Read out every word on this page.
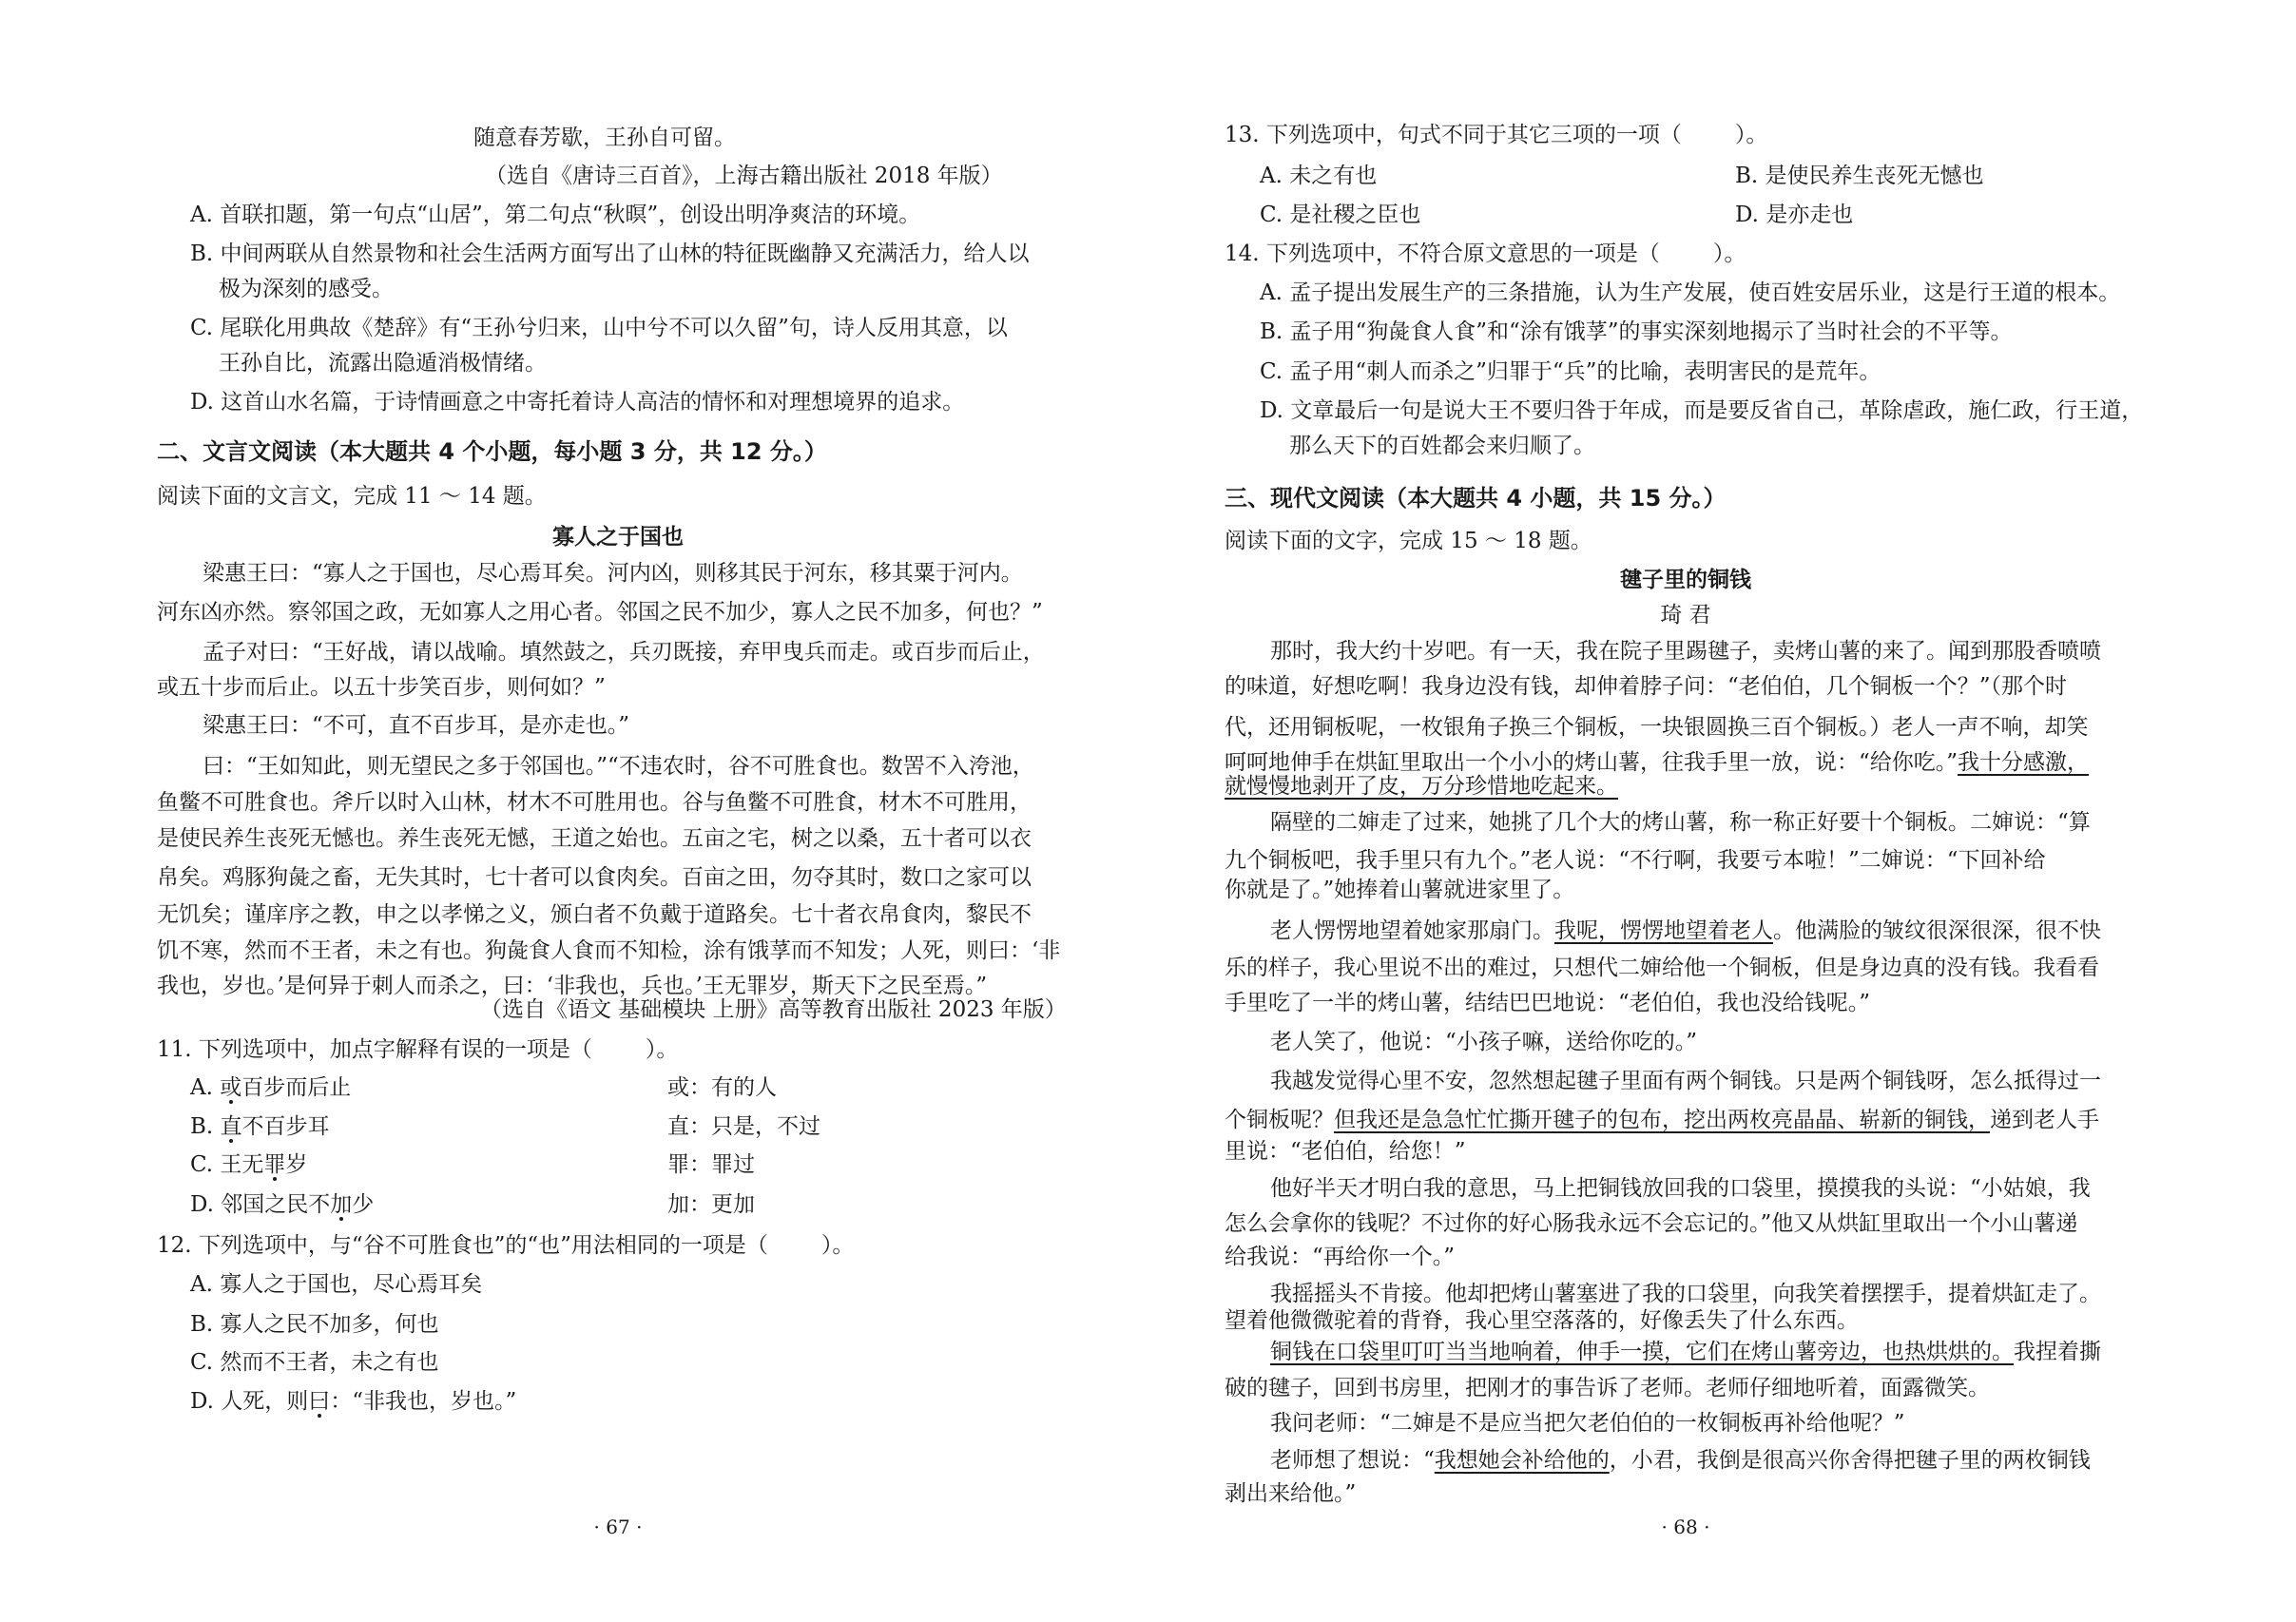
随意春芳歇，王孙自可留。
（选自《唐诗三百首》，上海古籍出版社 2018 年版）
A. 首联扣题，第一句点“山居”，第二句点“秋暝”，创设出明净爽洁的环境。
B. 中间两联从自然景物和社会生活两方面写出了山林的特征既幽静又充满活力，给人以
极为深刻的感受。
C. 尾联化用典故《楚辞》有“王孙兮归来，山中兮不可以久留”句，诗人反用其意，以
王孙自比，流露出隐遁消极情绪。
D. 这首山水名篇，于诗情画意之中寄托着诗人高洁的情怀和对理想境界的追求。
二、文言文阅读（本大题共 4 个小题，每小题 3 分，共 12 分。）
阅读下面的文言文，完成 11 ～ 14 题。
寡人之于国也
梁惠王曰：“寡人之于国也，尽心焉耳矣。河内凶，则移其民于河东，移其粟于河内。
河东凶亦然。察邻国之政，无如寡人之用心者。邻国之民不加少，寡人之民不加多，何也？”
孟子对曰：“王好战，请以战喻。填然鼓之，兵刃既接，弃甲曳兵而走。或百步而后止，
或五十步而后止。以五十步笑百步，则何如？”
梁惠王曰：“不可，直不百步耳，是亦走也。”
曰：“王如知此，则无望民之多于邻国也。”“不违农时，谷不可胜食也。数罟不入洿池，
鱼鳖不可胜食也。斧斤以时入山林，材木不可胜用也。谷与鱼鳖不可胜食，材木不可胜用，
是使民养生丧死无憾也。养生丧死无憾，王道之始也。五亩之宅，树之以桑，五十者可以衣
帛矣。鸡豚狗彘之畜，无失其时，七十者可以食肉矣。百亩之田，勿夺其时，数口之家可以
无饥矣；谨庠序之教，申之以孝悌之义，颁白者不负戴于道路矣。七十者衣帛食肉，黎民不
饥不寒，然而不王者，未之有也。狗彘食人食而不知检，涂有饿莩而不知发；人死，则曰：‘非
我也，岁也。’是何异于刺人而杀之，曰：‘非我也，兵也。’王无罪岁，斯天下之民至焉。”
（选自《语文 基础模块 上册》高等教育出版社 2023 年版）
11. 下列选项中，加点字解释有误的一项是（ ）。
A. 或百步而后止	或：有的人
B. 直不百步耳	直：只是，不过
C. 王无罪岁	罪：罪过
D. 邻国之民不加少	加：更加
12. 下列选项中，与“谷不可胜食也”的“也”用法相同的一项是（ ）。
A. 寡人之于国也，尽心焉耳矣
B. 寡人之民不加多，何也
C. 然而不王者，未之有也
D. 人死，则曰：“非我也，岁也。”
· 67 ·
13. 下列选项中，句式不同于其它三项的一项（ ）。
A. 未之有也	B. 是使民养生丧死无憾也
C. 是社稷之臣也	D. 是亦走也
14. 下列选项中，不符合原文意思的一项是（ ）。
A. 孟子提出发展生产的三条措施，认为生产发展，使百姓安居乐业，这是行王道的根本。
B. 孟子用“狗彘食人食”和“涂有饿莩”的事实深刻地揭示了当时社会的不平等。
C. 孟子用“刺人而杀之”归罪于“兵”的比喻，表明害民的是荒年。
D. 文章最后一句是说大王不要归咎于年成，而是要反省自己，革除虐政，施仁政，行王道，
那么天下的百姓都会来归顺了。
三、现代文阅读（本大题共 4 小题，共 15 分。）
阅读下面的文字，完成 15 ～ 18 题。
毽子里的铜钱
琦 君
那时，我大约十岁吧。有一天，我在院子里踢毽子，卖烤山薯的来了。闻到那股香喷喷
的味道，好想吃啊！我身边没有钱，却伸着脖子问：“老伯伯，几个铜板一个？”（那个时
代，还用铜板呢，一枚银角子换三个铜板，一块银圆换三百个铜板。）老人一声不响，却笑
呵呵地伸手在烘缸里取出一个小小的烤山薯，往我手里一放，说：“给你吃。”我十分感激，
就慢慢地剥开了皮，万分珍惜地吃起来。
隔壁的二婶走了过来，她挑了几个大的烤山薯，称一称正好要十个铜板。二婶说：“算
九个铜板吧，我手里只有九个。”老人说：“不行啊，我要亏本啦！”二婶说：“下回补给
你就是了。”她捧着山薯就进家里了。
老人愣愣地望着她家那扇门。我呢，愣愣地望着老人。他满脸的皱纹很深很深，很不快
乐的样子，我心里说不出的难过，只想代二婶给他一个铜板，但是身边真的没有钱。我看看
手里吃了一半的烤山薯，结结巴巴地说：“老伯伯，我也没给钱呢。”
老人笑了，他说：“小孩子嘛，送给你吃的。”
我越发觉得心里不安，忽然想起毽子里面有两个铜钱。只是两个铜钱呀，怎么抵得过一
个铜板呢？但我还是急急忙忙撕开毽子的包布，挖出两枚亮晶晶、崭新的铜钱，递到老人手
里说：“老伯伯，给您！”
他好半天才明白我的意思，马上把铜钱放回我的口袋里，摸摸我的头说：“小姑娘，我
怎么会拿你的钱呢？不过你的好心肠我永远不会忘记的。”他又从烘缸里取出一个小山薯递
给我说：“再给你一个。”
我摇摇头不肯接。他却把烤山薯塞进了我的口袋里，向我笑着摆摆手，提着烘缸走了。
望着他微微驼着的背脊，我心里空落落的，好像丢失了什么东西。
铜钱在口袋里叮叮当当地响着，伸手一摸，它们在烤山薯旁边，也热烘烘的。我捏着撕
破的毽子，回到书房里，把刚才的事告诉了老师。老师仔细地听着，面露微笑。
我问老师：“二婶是不是应当把欠老伯伯的一枚铜板再补给他呢？”
老师想了想说：“我想她会补给他的，小君，我倒是很高兴你舍得把毽子里的两枚铜钱
剥出来给他。”
· 68 ·
